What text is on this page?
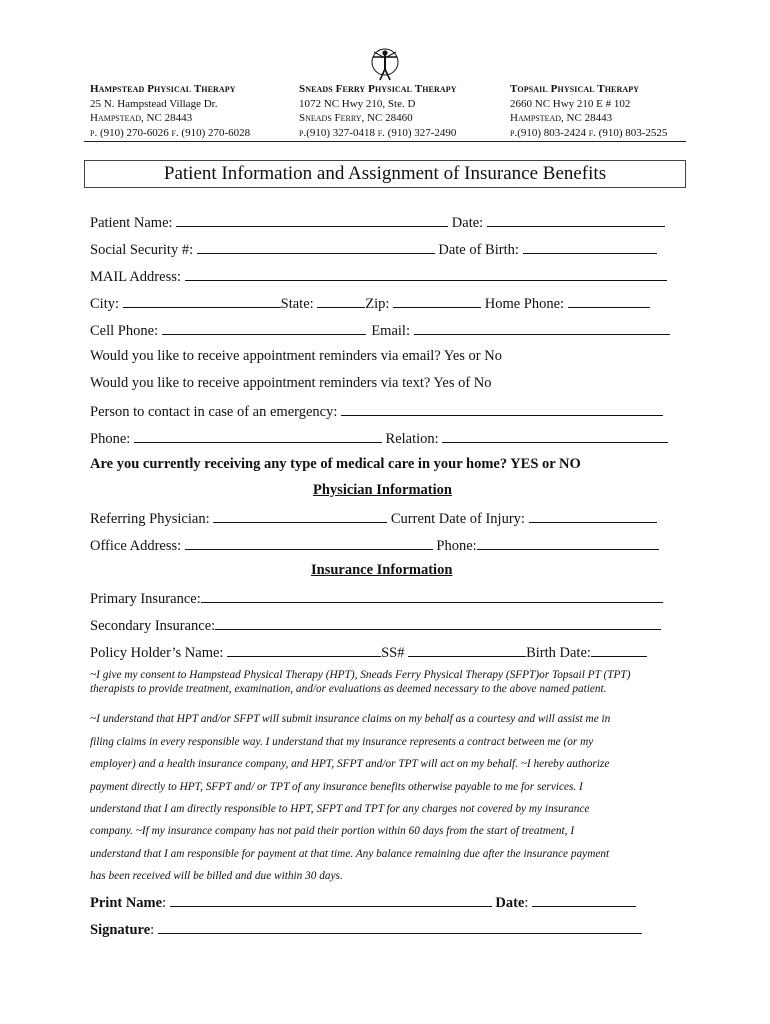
Hampstead Physical Therapy
25 N. Hampstead Village Dr.
Hampstead, NC 28443
p. (910) 270-6026 f. (910) 270-6028
Sneads Ferry Physical Therapy
1072 NC Hwy 210, Ste. D
Sneads Ferry, NC 28460
p.(910) 327-0418 f. (910) 327-2490
Topsail Physical Therapy
2660 NC Hwy 210 E # 102
Hampstead, NC 28443
p.(910) 803-2424 f. (910) 803-2525
Patient Information and Assignment of Insurance Benefits
Patient Name:	Date:
Social Security #:	Date of Birth:
MAIL Address:
City:	State:	Zip:	Home Phone:
Cell Phone:	Email:
Would you like to receive appointment reminders via email? Yes or No
Would you like to receive appointment reminders via text? Yes of No
Person to contact in case of an emergency:
Phone:	Relation:
Are you currently receiving any type of medical care in your home? YES or NO
Physician Information
Referring Physician:	Current Date of Injury:
Office Address:	Phone:
Insurance Information
Primary Insurance:
Secondary Insurance:
Policy Holder’s Name:	SS#	Birth Date:
~I give my consent to Hampstead Physical Therapy (HPT), Sneads Ferry Physical Therapy (SFPT)or Topsail PT (TPT) therapists to provide treatment, examination, and/or evaluations as deemed necessary to the above named patient.
~I understand that HPT and/or SFPT will submit insurance claims on my behalf as a courtesy and will assist me in
filing claims in every responsible way. I understand that my insurance represents a contract between me (or my
employer) and a health insurance company, and HPT, SFPT and/or TPT will act on my behalf. ~I hereby authorize
payment directly to HPT, SFPT and/ or TPT of any insurance benefits otherwise payable to me for services. I
understand that I am directly responsible to HPT, SFPT and TPT for any charges not covered by my insurance
company. ~If my insurance company has not paid their portion within 60 days from the start of treatment, I
understand that I am responsible for payment at that time. Any balance remaining due after the insurance payment
has been received will be billed and due within 30 days.
Print Name:	Date:
Signature:
